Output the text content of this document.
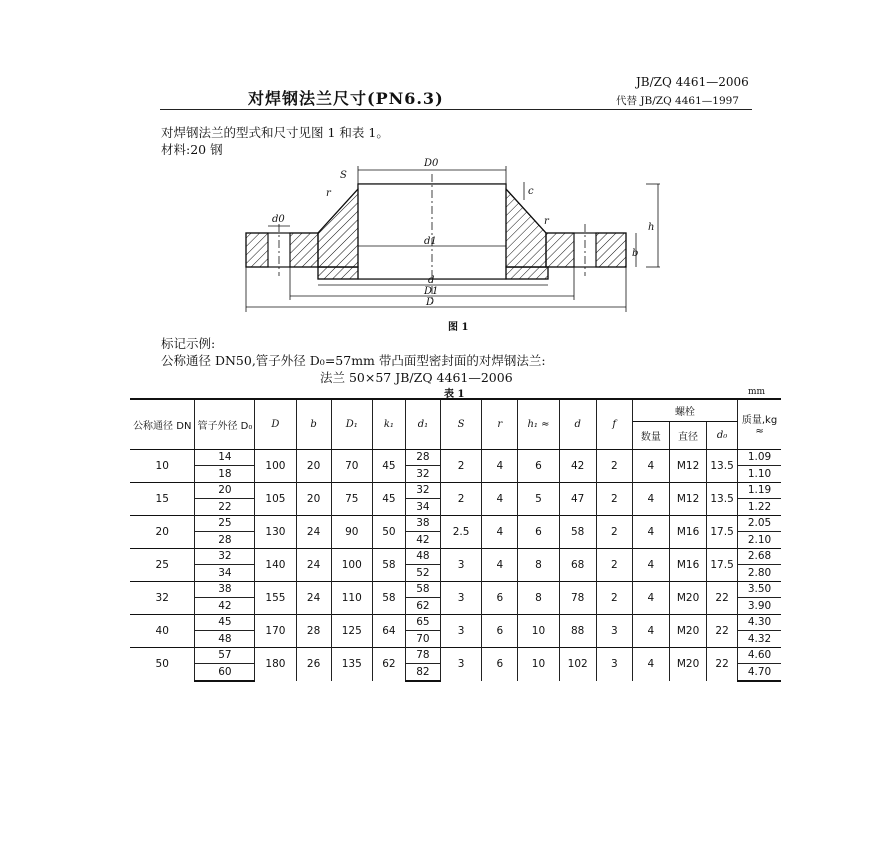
对焊钢法兰尺寸(PN6.3)
JB/ZQ 4461—2006
代替 JB/ZQ 4461—1997
对焊钢法兰的型式和尺寸见图 1 和表 1。
材料:20 钢
D0
S
r	c
r
h
d0
d1
d
D1
D
b
图 1
标记示例:
公称通径 DN50,管子外径 D₀=57mm 带凸面型密封面的对焊钢法兰:
法兰 50×57 JB/ZQ 4461—2006
表 1	mm
公称通径 DN	管子外径 D₀	D	b	D₁	k₁	d₁	S	r	h₁ ≈	d	f	螺栓			质量,kg ≈
												数量	直径	d₀	
10	14	100	20	70	45	28	2	4	6	42	2	4	M12	13.5	1.09
	18					32									1.10
15	20	105	20	75	45	32	2	4	5	47	2	4	M12	13.5	1.19
	22					34									1.22
20	25	130	24	90	50	38	2.5	4	6	58	2	4	M16	17.5	2.05
	28					42									2.10
25	32	140	24	100	58	48	3	4	8	68	2	4	M16	17.5	2.68
	34					52									2.80
32	38	155	24	110	58	58	3	6	8	78	2	4	M20	22	3.50
	42					62									3.90
40	45	170	28	125	64	65	3	6	10	88	3	4	M20	22	4.30
	48					70									4.32
50	57	180	26	135	62	78	3	6	10	102	3	4	M20	22	4.60
	60					82									4.70
